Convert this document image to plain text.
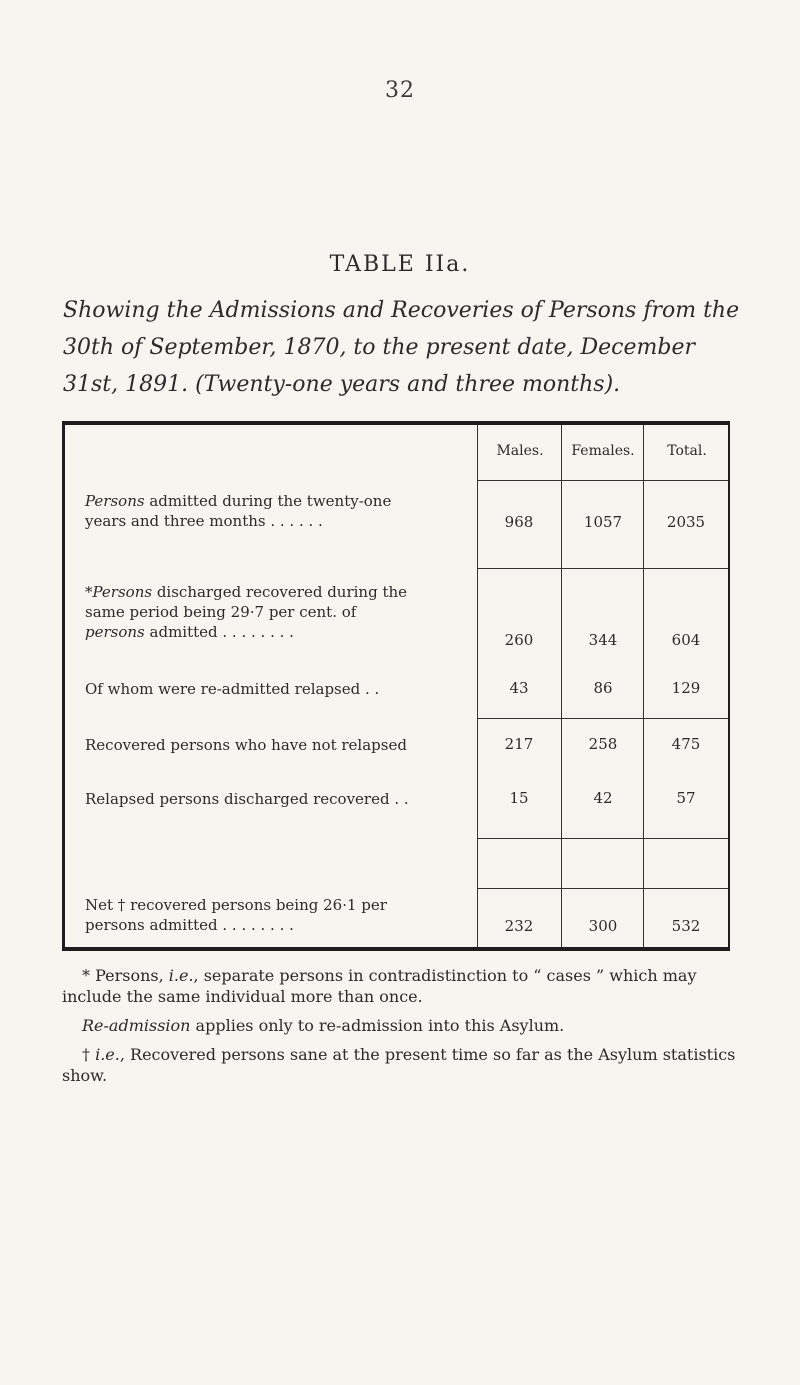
32
TABLE IIa.

Showing the Admissions and Recoveries of Persons from the 30th of September, 1870, to the present date, December 31st, 1891. (Twenty-one years and three months).

Males.	Females.	Total.
Persons admitted during the twenty-one
years and three months . . . . . .	968	1057	2035
*Persons discharged recovered during the
same period being 29·7 per cent. of
persons admitted . . . . . . . .	260	344	604
Of whom were re-admitted relapsed . .	43	86	129
Recovered persons who have not relapsed	217	258	475
Relapsed persons discharged recovered . .	15	42	57
Net † recovered persons being 26·1 per
persons admitted . . . . . . . .	232	300	532

* Persons, i.e., separate persons in contradistinction to “ cases ” which may include the same individual more than once.

Re-admission applies only to re-admission into this Asylum.

† i.e., Recovered persons sane at the present time so far as the Asylum statistics show.
